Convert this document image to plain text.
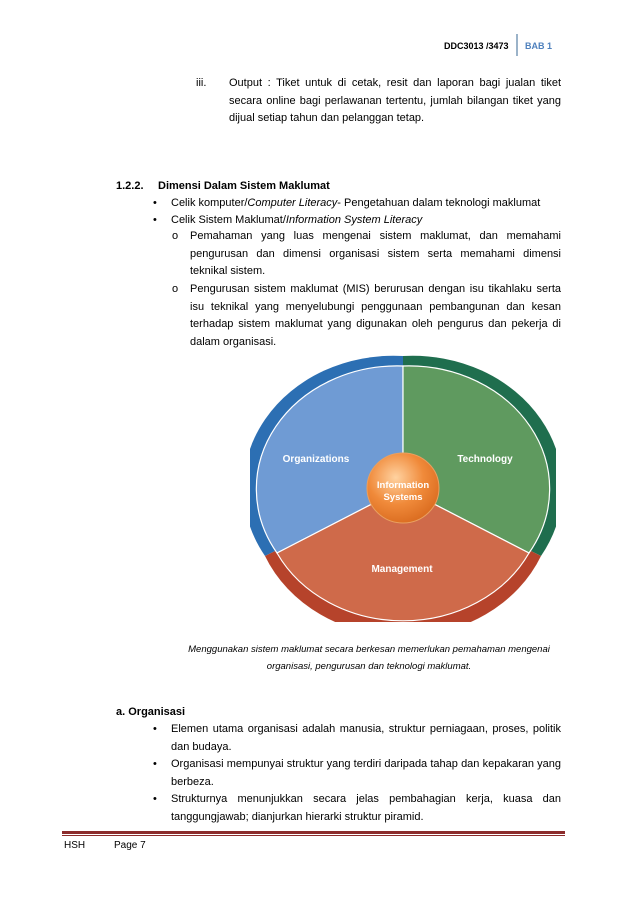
DDC3013 /3473 BAB 1
iii. Output : Tiket untuk di cetak, resit dan laporan bagi jualan tiket secara online bagi perlawanan tertentu, jumlah bilangan tiket yang dijual setiap tahun dan pelanggan tetap.
1.2.2. Dimensi Dalam Sistem Maklumat
• Celik komputer/Computer Literacy- Pengetahuan dalam teknologi maklumat
• Celik Sistem Maklumat/Information System Literacy
o Pemahaman yang luas mengenai sistem maklumat, dan memahami pengurusan dan dimensi organisasi sistem serta memahami dimensi teknikal sistem.
o Pengurusan sistem maklumat (MIS) berurusan dengan isu tikahlaku serta isu teknikal yang menyelubungi penggunaan pembangunan dan kesan terhadap sistem maklumat yang digunakan oleh pengurus dan pekerja di dalam organisasi.
Organizations	Technology
Management
Information
Systems
Menggunakan sistem maklumat secara berkesan memerlukan pemahaman mengenai
organisasi, pengurusan dan teknologi maklumat.
a. Organisasi
• Elemen utama organisasi adalah manusia, struktur perniagaan, proses, politik dan budaya.
• Organisasi mempunyai struktur yang terdiri daripada tahap dan kepakaran yang berbeza.
• Strukturnya menunjukkan secara jelas pembahagian kerja, kuasa dan tanggungjawab; dianjurkan hierarki struktur piramid.
HSH	Page 7
